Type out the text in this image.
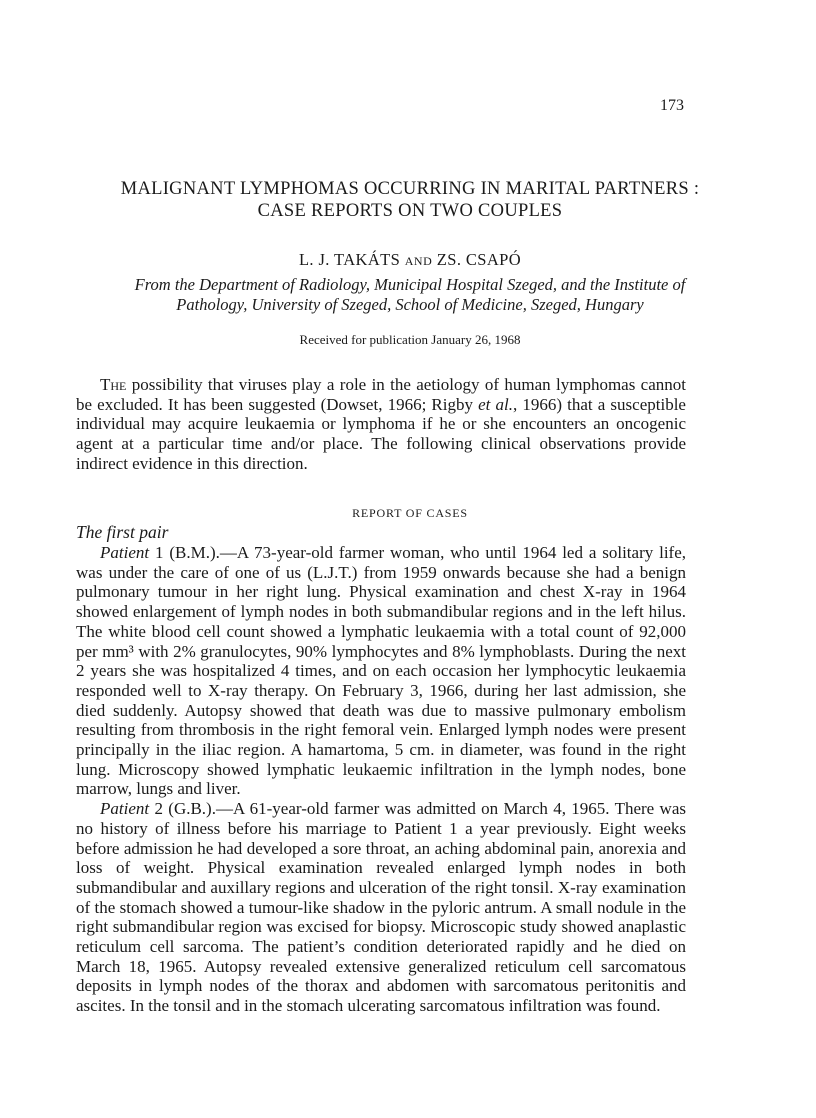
173
MALIGNANT LYMPHOMAS OCCURRING IN MARITAL PARTNERS :
CASE REPORTS ON TWO COUPLES
L. J. TAKÁTS AND ZS. CSAPÓ
From the Department of Radiology, Municipal Hospital Szeged, and the Institute of
Pathology, University of Szeged, School of Medicine, Szeged, Hungary
Received for publication January 26, 1968

The possibility that viruses play a role in the aetiology of human lymphomas cannot be excluded. It has been suggested (Dowset, 1966; Rigby et al., 1966) that a susceptible individual may acquire leukaemia or lymphoma if he or she encounters an oncogenic agent at a particular time and/or place. The following clinical observations provide indirect evidence in this direction.

REPORT OF CASES
The first pair

Patient 1 (B.M.).—A 73-year-old farmer woman, who until 1964 led a solitary life, was under the care of one of us (L.J.T.) from 1959 onwards because she had a benign pulmonary tumour in her right lung. Physical examination and chest X-ray in 1964 showed enlargement of lymph nodes in both submandibular regions and in the left hilus. The white blood cell count showed a lymphatic leukaemia with a total count of 92,000 per mm³ with 2% granulocytes, 90% lymphocytes and 8% lymphoblasts. During the next 2 years she was hospitalized 4 times, and on each occasion her lymphocytic leukaemia responded well to X-ray therapy. On February 3, 1966, during her last admission, she died suddenly. Autopsy showed that death was due to massive pulmonary embolism resulting from thrombosis in the right femoral vein. Enlarged lymph nodes were present principally in the iliac region. A hamartoma, 5 cm. in diameter, was found in the right lung. Microscopy showed lymphatic leukaemic infiltration in the lymph nodes, bone marrow, lungs and liver.

Patient 2 (G.B.).—A 61-year-old farmer was admitted on March 4, 1965. There was no history of illness before his marriage to Patient 1 a year previously. Eight weeks before admission he had developed a sore throat, an aching abdominal pain, anorexia and loss of weight. Physical examination revealed enlarged lymph nodes in both submandibular and auxillary regions and ulceration of the right tonsil. X-ray examination of the stomach showed a tumour-like shadow in the pyloric antrum. A small nodule in the right submandibular region was excised for biopsy. Microscopic study showed anaplastic reticulum cell sarcoma. The patient’s condition deteriorated rapidly and he died on March 18, 1965. Autopsy revealed extensive generalized reticulum cell sarcomatous deposits in lymph nodes of the thorax and abdomen with sarcomatous peritonitis and ascites. In the tonsil and in the stomach ulcerating sarcomatous infiltration was found.
